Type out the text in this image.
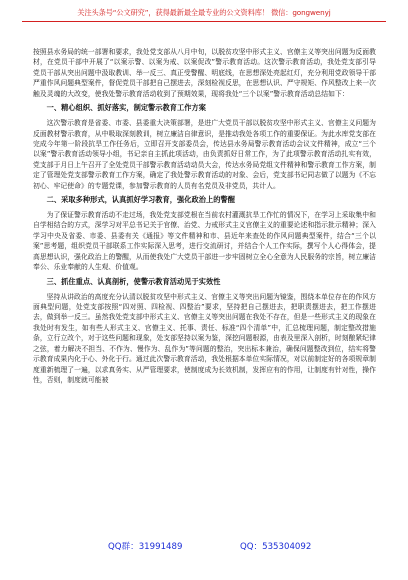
关注头条号“公文研究”，获得最新最全最专业的公文资料库！ 微信：gongwenyj

按照县水务局的统一部署和要求，我处党支部从八月中旬，以脱贫攻坚中形式主义、官僚主义等突出问题为反面教材，在党员干部中开展了“以案示警、以案为戒、以案促改”警示教育活动。这次警示教育活动，我处党支部引导党员干部从突出问题中汲取教训、举一反三、真正受警醒、明底线，在思想深处亮起红灯，充分利用党政领导干部严重作风问题典型案件，督促党员干部把自己摆进去，深刻检视反思，在思想认识、严守规矩、作风整改上来一次触及灵魂的大改变，使我处警示教育活动收到了预期效果，现将我处“三个以案”警示教育活动总结如下：

一、精心组织、抓好落实，制定警示教育工作方案

这次警示教育是省委、市委、县委重大决策部署，是进广大党员干部以脱贫攻坚中形式主义、官僚主义问题为反面教材警示教育，从中吸取深刻教训，树立廉洁自律意识，是推动我处各项工作的重要保证。为此水库党支部在完成今年第一阶段抗旱工作任务后，立即召开支部委员会，传达县水务局警示教育活动会议文件精神，成立“三个以案”警示教育活动领导小组，书记亲自主抓此项活动，由负责抓好日常工作，为了此项警示教育活动扎实有效，党支部于月日上午召开了全处党员干部警示教育活动动员大会，传达水务局党组文件精神和警示教育工作方案，制定了管理处党支部警示教育工作方案，确定了我处警示教育活动的对象、会后，党支部书记同志做了以题为《不忘初心、牢记使命》的专题党课，参加警示教育的人员有名党员及非党员，共计人。

二、采取多种形式，认真抓好学习教育，强化政治上的警醒

为了保证警示教育活动不走过场，我处党支部党根在当前农村灌溉抗旱工作忙的情况下，在学习上采取集中和自学相结合的方式，深学习对平总书记关于官僚、治党、力戒形式主义官僚主义的重要论述和指示批示精神；深入学习中央及省委、市委、县委有关《通报》等文件精神和市、县近年来查处的作风问题典型案件，结合“三个以案”思考题，组织党员干部联系工作实际深入思考，进行交流研讨，并结合个人工作实际，撰写个人心得体会，提高思想认识，强化政治上的警醒，从而使我处广大党员干部进一步牢固树立全心全意为人民服务的宗旨，树立廉洁奉公、乐业奉献的人生观、价值观。

三、抓住重点、认真剖析，使警示教育活动见于实效性

坚持从讲政治的高度充分认清以脱贫攻坚中形式主义、官僚主义等突出问题为镜鉴，围绕本单位存在的作风方面典型问题，处党支部按照“四对照、四检视、四整治”要求，坚持把自己摆进去，把职责摆进去，把工作摆进去，做到举一反三。虽然我处党支部中形式主义、官僚主义等突出问题在我处不存在，但是一些形式主义的现象在我处时有发生，如有些人形式主义、官僚主义、托事、责任、标准“四个清单”中，汇总梳理问题，制定整改措施条，立行立改个，对于这些问题和现象，处支部坚持以案为鉴，深挖问题根源，由表及里深入剖析，时刻酿紧纪律之弦，着力解决不担当、不作为、慢作为、乱作为”等问题的整治，突出标本兼治，确保问题整改到位，结实将警示教育成果内化于心、外化于行。通过此次警示教育活动，我处根据本单位实际情况，对以前制定好的各项规章制度重新梳理了一遍，以求真务实、从严管理要求，使制度成为长效机制，发挥应有的作用，让制度有针对性，操作性，否则，制度就可能被

QQ群：31991489	QQ：535304092
